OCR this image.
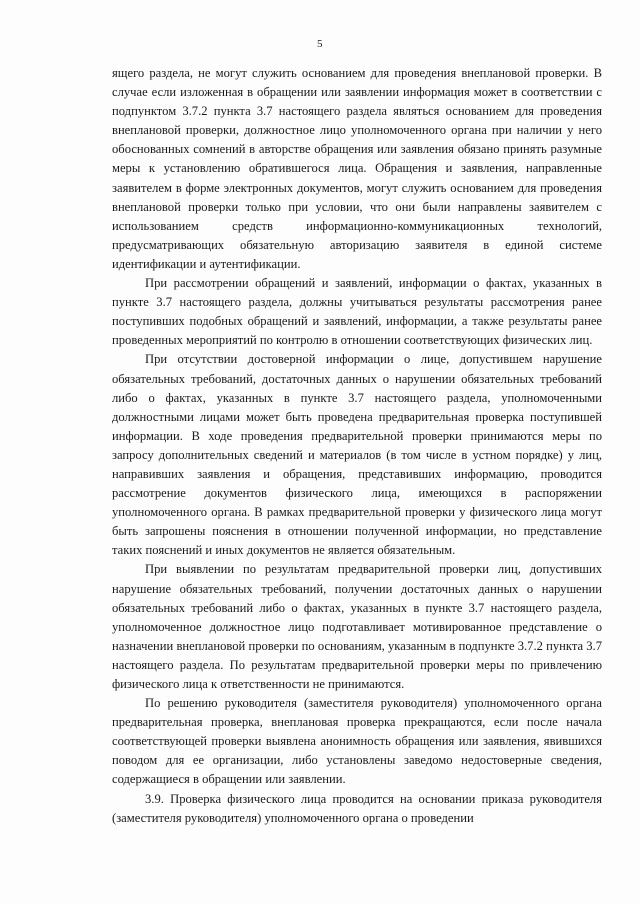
5

ящего раздела, не могут служить основанием для проведения внеплановой проверки. В случае если изложенная в обращении или заявлении информация может в соответствии с подпунктом 3.7.2 пункта 3.7 настоящего раздела являться основанием для проведения внеплановой проверки, должностное лицо уполномоченного органа при наличии у него обоснованных сомнений в авторстве обращения или заявления обязано принять разумные меры к установлению обратившегося лица. Обращения и заявления, направленные заявителем в форме электронных документов, могут служить основанием для проведения внеплановой проверки только при условии, что они были направлены заявителем с использованием средств информационно-коммуникационных технологий, предусматривающих обязательную авторизацию заявителя в единой системе идентификации и аутентификации.

При рассмотрении обращений и заявлений, информации о фактах, указанных в пункте 3.7 настоящего раздела, должны учитываться результаты рассмотрения ранее поступивших подобных обращений и заявлений, информации, а также результаты ранее проведенных мероприятий по контролю в отношении соответствующих физических лиц.

При отсутствии достоверной информации о лице, допустившем нарушение обязательных требований, достаточных данных о нарушении обязательных требований либо о фактах, указанных в пункте 3.7 настоящего раздела, уполномоченными должностными лицами может быть проведена предварительная проверка поступившей информации. В ходе проведения предварительной проверки принимаются меры по запросу дополнительных сведений и материалов (в том числе в устном порядке) у лиц, направивших заявления и обращения, представивших информацию, проводится рассмотрение документов физического лица, имеющихся в распоряжении уполномоченного органа. В рамках предварительной проверки у физического лица могут быть запрошены пояснения в отношении полученной информации, но представление таких пояснений и иных документов не является обязательным.

При выявлении по результатам предварительной проверки лиц, допустивших нарушение обязательных требований, получении достаточных данных о нарушении обязательных требований либо о фактах, указанных в пункте 3.7 настоящего раздела, уполномоченное должностное лицо подготавливает мотивированное представление о назначении внеплановой проверки по основаниям, указанным в подпункте 3.7.2 пункта 3.7 настоящего раздела. По результатам предварительной проверки меры по привлечению физического лица к ответственности не принимаются.

По решению руководителя (заместителя руководителя) уполномоченного органа предварительная проверка, внеплановая проверка прекращаются, если после начала соответствующей проверки выявлена анонимность обращения или заявления, явившихся поводом для ее организации, либо установлены заведомо недостоверные сведения, содержащиеся в обращении или заявлении.

3.9. Проверка физического лица проводится на основании приказа руководителя (заместителя руководителя) уполномоченного органа о проведении
